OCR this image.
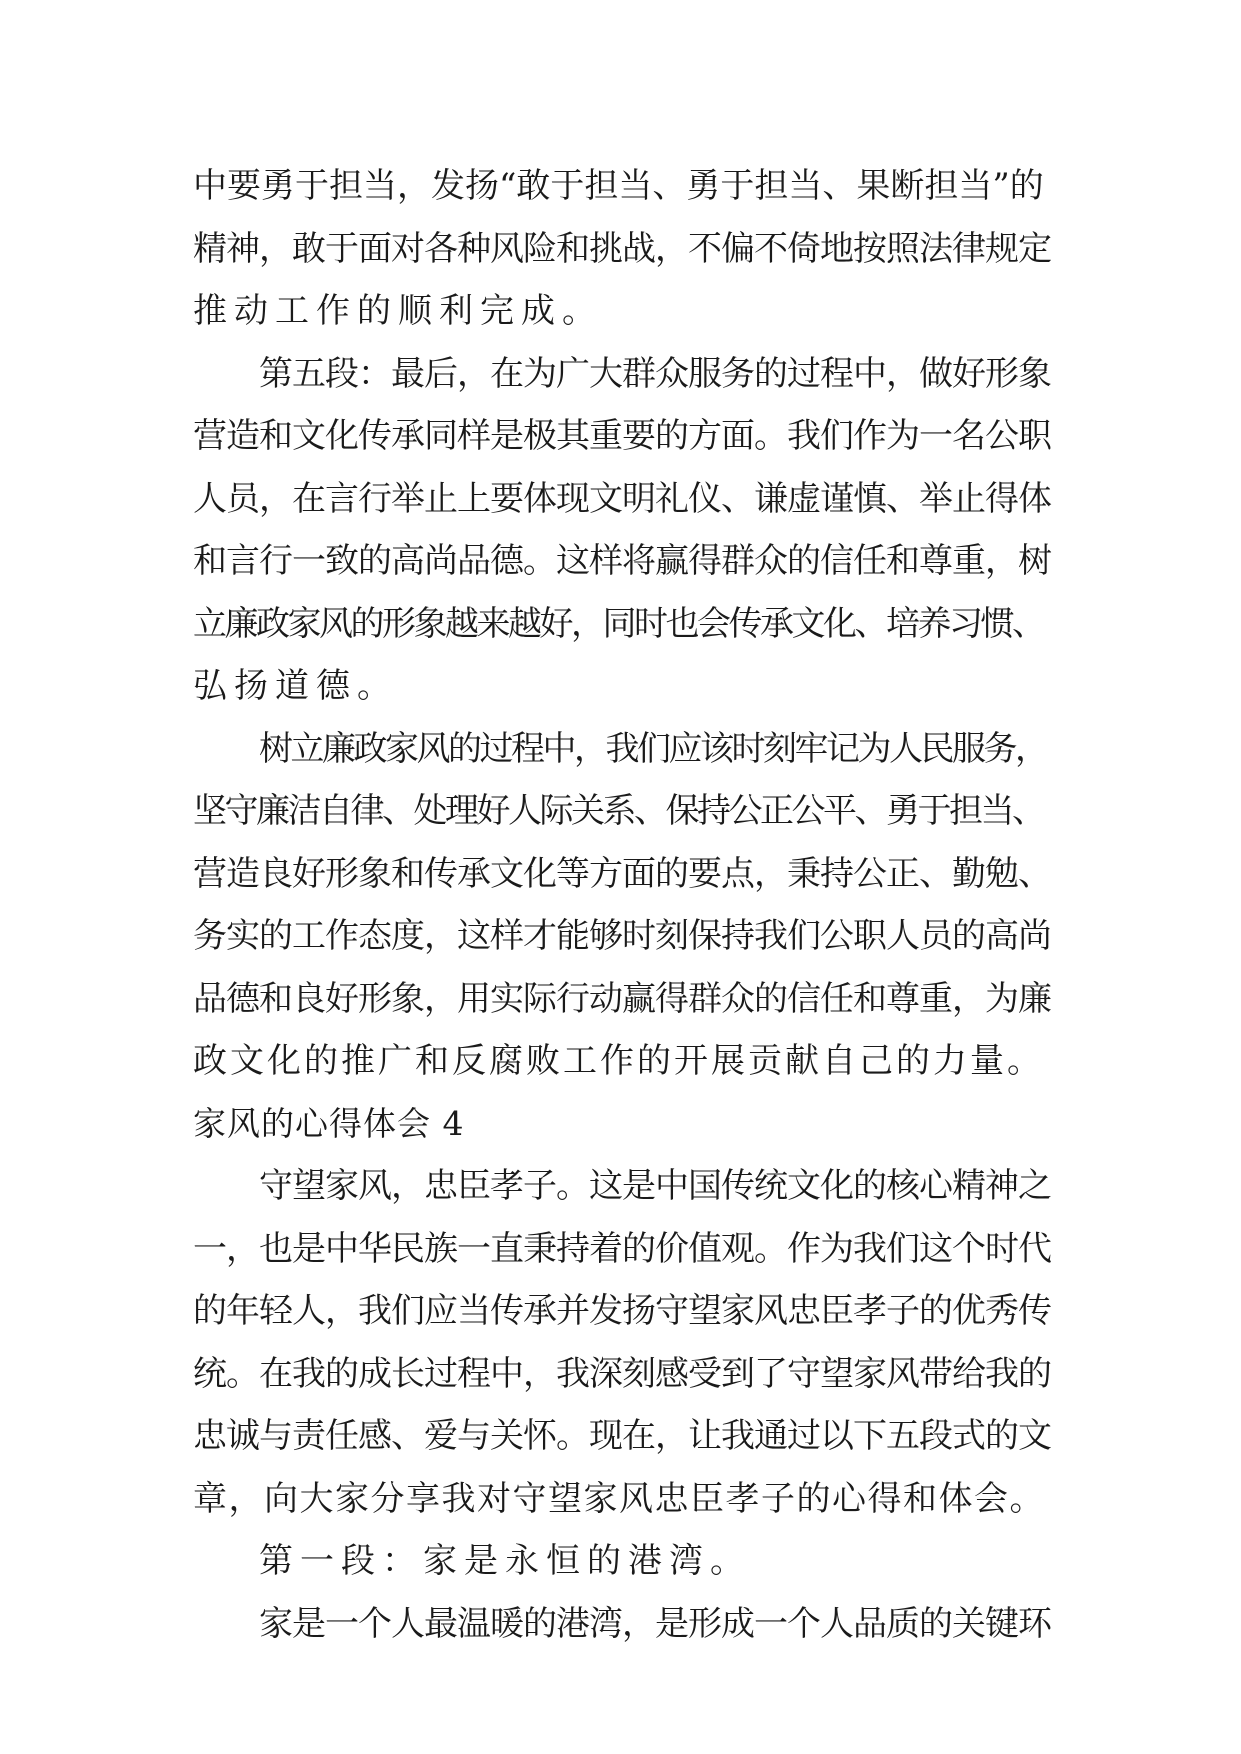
中要勇于担当，发扬“敢于担当、勇于担当、果断担当”的
精神，敢于面对各种风险和挑战，不偏不倚地按照法律规定
推动工作的顺利完成。
第五段：最后，在为广大群众服务的过程中，做好形象
营造和文化传承同样是极其重要的方面。我们作为一名公职
人员，在言行举止上要体现文明礼仪、谦虚谨慎、举止得体
和言行一致的高尚品德。这样将赢得群众的信任和尊重，树
立廉政家风的形象越来越好，同时也会传承文化、培养习惯、
弘扬道德。
树立廉政家风的过程中，我们应该时刻牢记为人民服务，
坚守廉洁自律、处理好人际关系、保持公正公平、勇于担当、
营造良好形象和传承文化等方面的要点，秉持公正、勤勉、
务实的工作态度，这样才能够时刻保持我们公职人员的高尚
品德和良好形象，用实际行动赢得群众的信任和尊重，为廉
政文化的推广和反腐败工作的开展贡献自己的力量。
家风的心得体会 4
守望家风，忠臣孝子。这是中国传统文化的核心精神之
一，也是中华民族一直秉持着的价值观。作为我们这个时代
的年轻人，我们应当传承并发扬守望家风忠臣孝子的优秀传
统。在我的成长过程中，我深刻感受到了守望家风带给我的
忠诚与责任感、爱与关怀。现在，让我通过以下五段式的文
章，向大家分享我对守望家风忠臣孝子的心得和体会。
第一段：家是永恒的港湾。
家是一个人最温暖的港湾，是形成一个人品质的关键环
